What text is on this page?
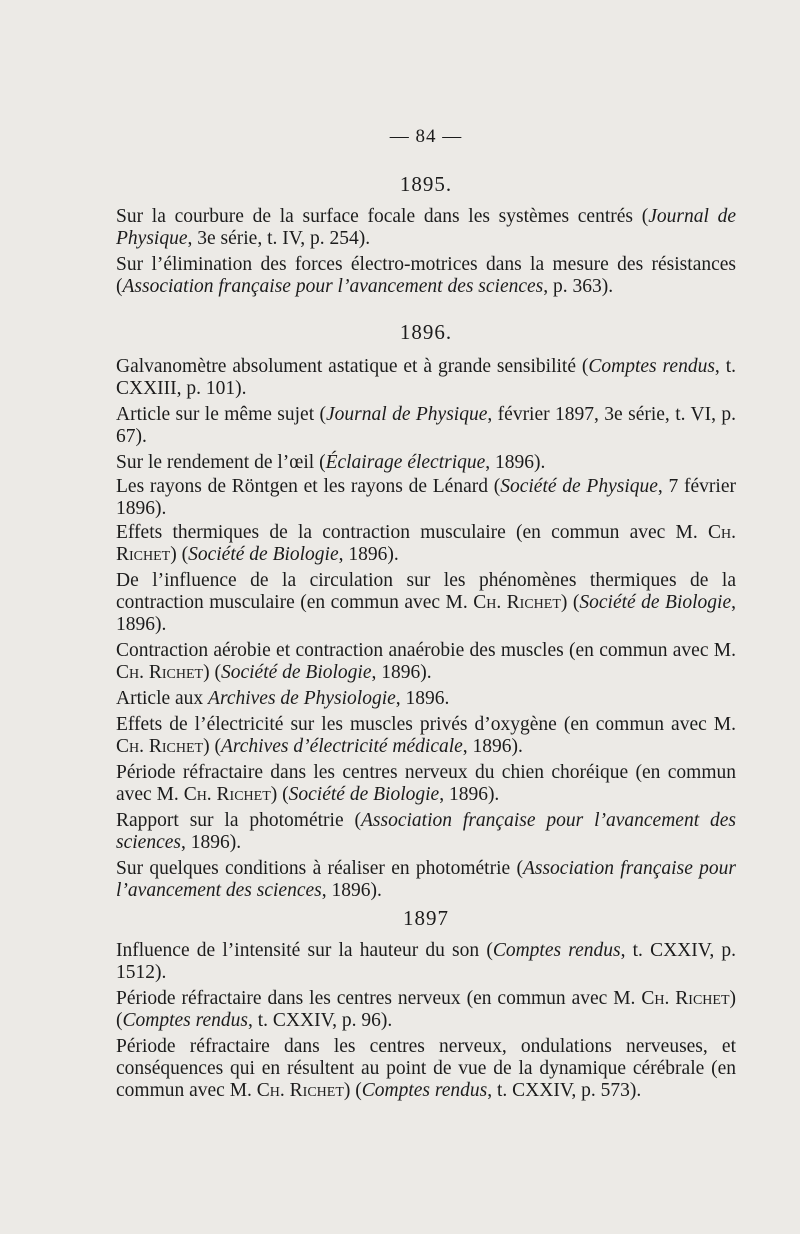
— 84 —
1895.
Sur la courbure de la surface focale dans les systèmes centrés (Journal de Physique, 3e série, t. IV, p. 254).
Sur l’élimination des forces électro-motrices dans la mesure des résistances (Association française pour l’avancement des sciences, p. 363).
1896.
Galvanomètre absolument astatique et à grande sensibilité (Comptes rendus, t. CXXIII, p. 101).
Article sur le même sujet (Journal de Physique, février 1897, 3e série, t. VI, p. 67).
Sur le rendement de l’œil (Éclairage électrique, 1896).
Les rayons de Röntgen et les rayons de Lénard (Société de Physique, 7 février 1896).
Effets thermiques de la contraction musculaire (en commun avec M. Ch. Richet) (Société de Biologie, 1896).
De l’influence de la circulation sur les phénomènes thermiques de la contraction musculaire (en commun avec M. Ch. Richet) (Société de Biologie, 1896).
Contraction aérobie et contraction anaérobie des muscles (en commun avec M. Ch. Richet) (Société de Biologie, 1896).
Article aux Archives de Physiologie, 1896.
Effets de l’électricité sur les muscles privés d’oxygène (en commun avec M. Ch. Richet) (Archives d’électricité médicale, 1896).
Période réfractaire dans les centres nerveux du chien choréique (en commun avec M. Ch. Richet) (Société de Biologie, 1896).
Rapport sur la photométrie (Association française pour l’avancement des sciences, 1896).
Sur quelques conditions à réaliser en photométrie (Association française pour l’avancement des sciences, 1896).
1897
Influence de l’intensité sur la hauteur du son (Comptes rendus, t. CXXIV, p. 1512).
Période réfractaire dans les centres nerveux (en commun avec M. Ch. Richet) (Comptes rendus, t. CXXIV, p. 96).
Période réfractaire dans les centres nerveux, ondulations nerveuses, et conséquences qui en résultent au point de vue de la dynamique cérébrale (en commun avec M. Ch. Richet) (Comptes rendus, t. CXXIV, p. 573).
